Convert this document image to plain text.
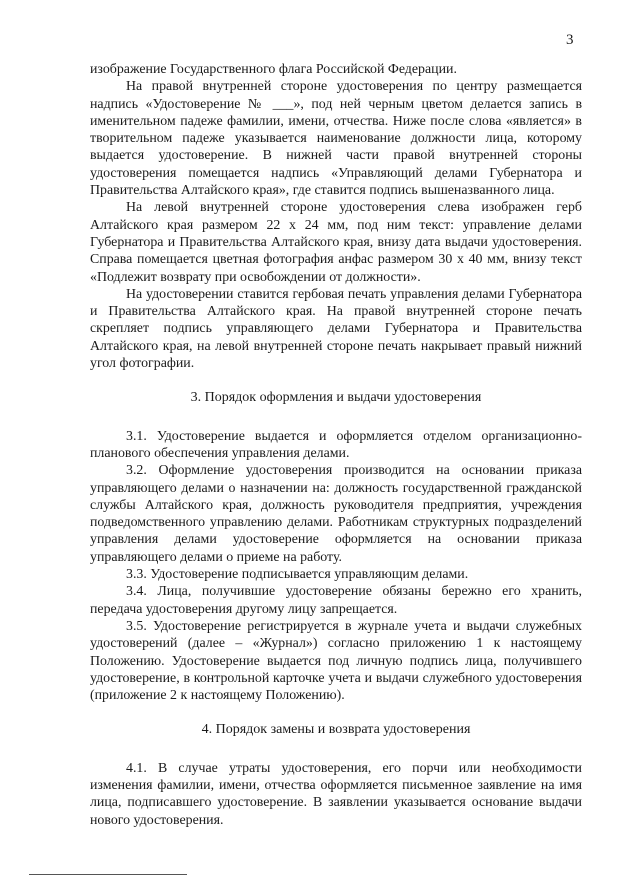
3

изображение Государственного флага Российской Федерации.

На правой внутренней стороне удостоверения по центру размещается надпись «Удостоверение № ___», под ней черным цветом делается запись в именительном падеже фамилии, имени, отчества. Ниже после слова «является» в творительном падеже указывается наименование должности лица, которому выдается удостоверение. В нижней части правой внутренней стороны удостоверения помещается надпись «Управляющий делами Губернатора и Правительства Алтайского края», где ставится подпись вышеназванного лица.

На левой внутренней стороне удостоверения слева изображен герб Алтайского края размером 22 х 24 мм, под ним текст: управление делами Губернатора и Правительства Алтайского края, внизу дата выдачи удостоверения. Справа помещается цветная фотография анфас размером 30 х 40 мм, внизу текст «Подлежит возврату при освобождении от должности».

На удостоверении ставится гербовая печать управления делами Губернатора и Правительства Алтайского края. На правой внутренней стороне печать скрепляет подпись управляющего делами Губернатора и Правительства Алтайского края, на левой внутренней стороне печать накрывает правый нижний угол фотографии.

3. Порядок оформления и выдачи удостоверения

3.1. Удостоверение выдается и оформляется отделом организационно-планового обеспечения управления делами.

3.2. Оформление удостоверения производится на основании приказа управляющего делами о назначении на: должность государственной гражданской службы Алтайского края, должность руководителя предприятия, учреждения подведомственного управлению делами. Работникам структурных подразделений управления делами удостоверение оформляется на основании приказа управляющего делами о приеме на работу.

3.3. Удостоверение подписывается управляющим делами.

3.4. Лица, получившие удостоверение обязаны бережно его хранить, передача удостоверения другому лицу запрещается.

3.5. Удостоверение регистрируется в журнале учета и выдачи служебных удостоверений (далее – «Журнал») согласно приложению 1 к настоящему Положению. Удостоверение выдается под личную подпись лица, получившего удостоверение, в контрольной карточке учета и выдачи служебного удостоверения (приложение 2 к настоящему Положению).

4. Порядок замены и возврата удостоверения

4.1. В случае утраты удостоверения, его порчи или необходимости изменения фамилии, имени, отчества оформляется письменное заявление на имя лица, подписавшего удостоверение. В заявлении указывается основание выдачи нового удостоверения.
